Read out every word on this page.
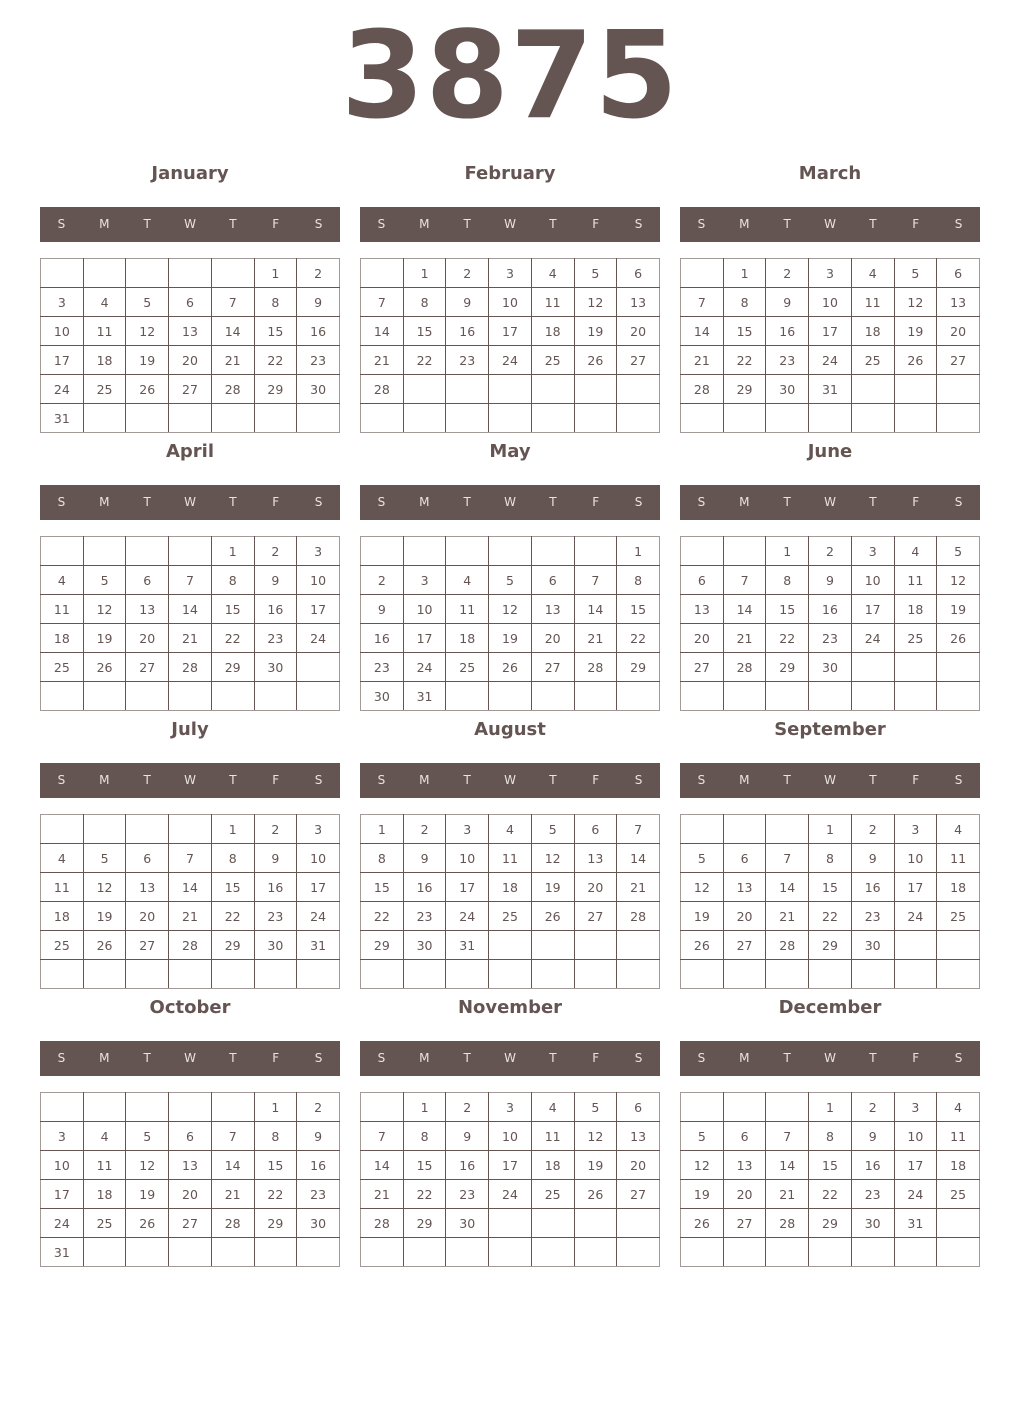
3875
January
S	M	T	W	T	F	S
					1	2
3	4	5	6	7	8	9
10	11	12	13	14	15	16
17	18	19	20	21	22	23
24	25	26	27	28	29	30
31						
February
S	M	T	W	T	F	S
	1	2	3	4	5	6
7	8	9	10	11	12	13
14	15	16	17	18	19	20
21	22	23	24	25	26	27
28						

March
S	M	T	W	T	F	S
	1	2	3	4	5	6
7	8	9	10	11	12	13
14	15	16	17	18	19	20
21	22	23	24	25	26	27
28	29	30	31			

April
S	M	T	W	T	F	S
				1	2	3
4	5	6	7	8	9	10
11	12	13	14	15	16	17
18	19	20	21	22	23	24
25	26	27	28	29	30	

May
S	M	T	W	T	F	S
						1
2	3	4	5	6	7	8
9	10	11	12	13	14	15
16	17	18	19	20	21	22
23	24	25	26	27	28	29
30	31					
June
S	M	T	W	T	F	S
		1	2	3	4	5
6	7	8	9	10	11	12
13	14	15	16	17	18	19
20	21	22	23	24	25	26
27	28	29	30			

July
S	M	T	W	T	F	S
				1	2	3
4	5	6	7	8	9	10
11	12	13	14	15	16	17
18	19	20	21	22	23	24
25	26	27	28	29	30	31

August
S	M	T	W	T	F	S
1	2	3	4	5	6	7
8	9	10	11	12	13	14
15	16	17	18	19	20	21
22	23	24	25	26	27	28
29	30	31				

September
S	M	T	W	T	F	S
			1	2	3	4
5	6	7	8	9	10	11
12	13	14	15	16	17	18
19	20	21	22	23	24	25
26	27	28	29	30		

October
S	M	T	W	T	F	S
					1	2
3	4	5	6	7	8	9
10	11	12	13	14	15	16
17	18	19	20	21	22	23
24	25	26	27	28	29	30
31						
November
S	M	T	W	T	F	S
	1	2	3	4	5	6
7	8	9	10	11	12	13
14	15	16	17	18	19	20
21	22	23	24	25	26	27
28	29	30				

December
S	M	T	W	T	F	S
			1	2	3	4
5	6	7	8	9	10	11
12	13	14	15	16	17	18
19	20	21	22	23	24	25
26	27	28	29	30	31	
